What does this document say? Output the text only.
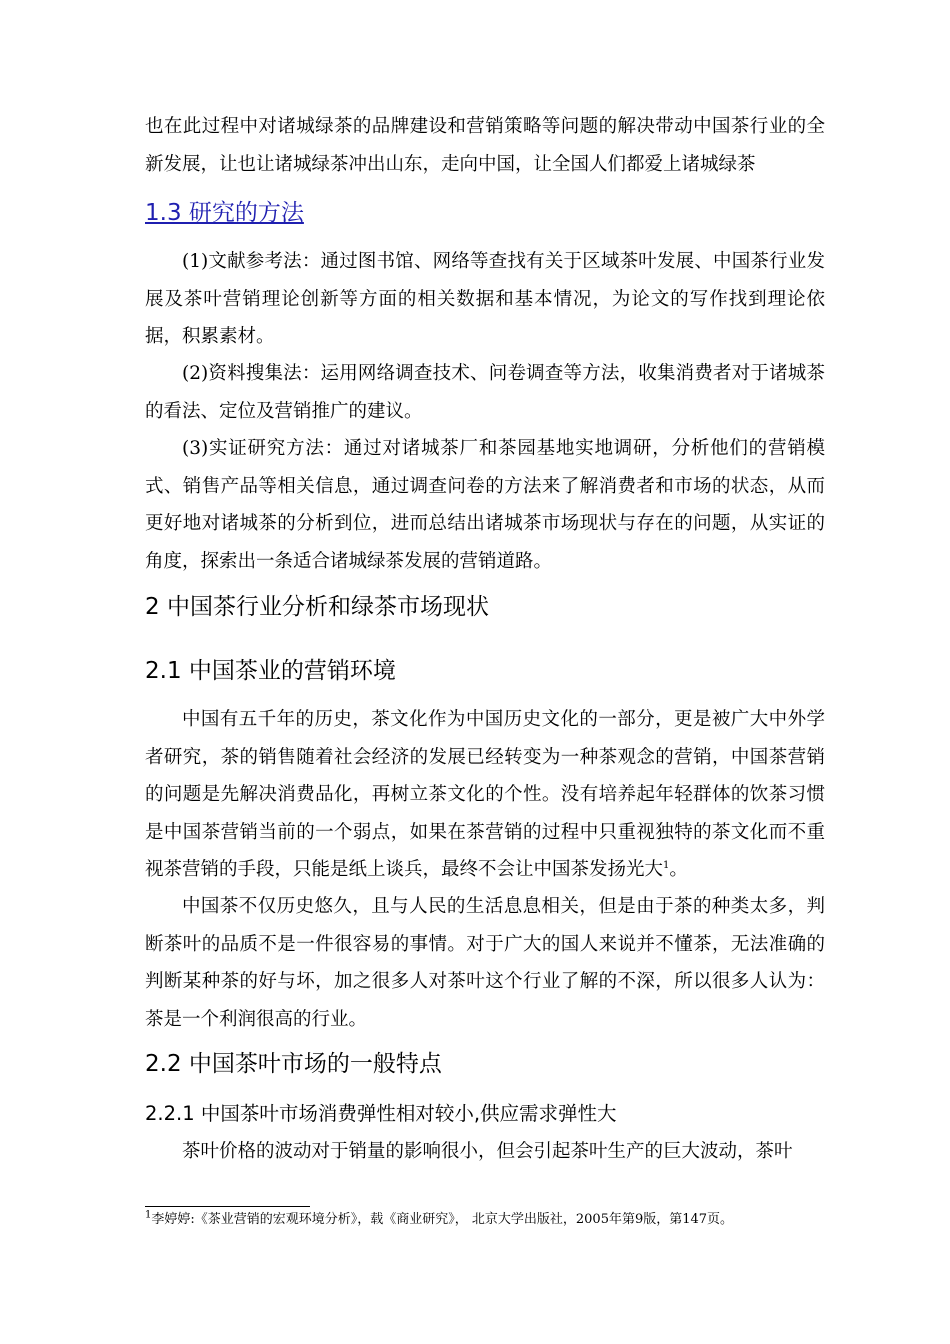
也在此过程中对诸城绿茶的品牌建设和营销策略等问题的解决带动中国茶行业的全新发展，让也让诸城绿茶冲出山东，走向中国，让全国人们都爱上诸城绿茶

1.3 研究的方法

(1)文献参考法：通过图书馆、网络等查找有关于区域茶叶发展、中国茶行业发展及茶叶营销理论创新等方面的相关数据和基本情况，为论文的写作找到理论依据，积累素材。

(2)资料搜集法：运用网络调查技术、问卷调查等方法，收集消费者对于诸城茶的看法、定位及营销推广的建议。

(3)实证研究方法：通过对诸城茶厂和茶园基地实地调研，分析他们的营销模式、销售产品等相关信息，通过调查问卷的方法来了解消费者和市场的状态，从而更好地对诸城茶的分析到位，进而总结出诸城茶市场现状与存在的问题，从实证的角度，探索出一条适合诸城绿茶发展的营销道路。

2 中国茶行业分析和绿茶市场现状
2.1 中国茶业的营销环境

中国有五千年的历史，茶文化作为中国历史文化的一部分，更是被广大中外学者研究，茶的销售随着社会经济的发展已经转变为一种茶观念的营销，中国茶营销的问题是先解决消费品化，再树立茶文化的个性。没有培养起年轻群体的饮茶习惯是中国茶营销当前的一个弱点，如果在茶营销的过程中只重视独特的茶文化而不重视茶营销的手段，只能是纸上谈兵，最终不会让中国茶发扬光大$^1$。

中国茶不仅历史悠久，且与人民的生活息息相关，但是由于茶的种类太多，判断茶叶的品质不是一件很容易的事情。对于广大的国人来说并不懂茶，无法准确的判断某种茶的好与坏，加之很多人对茶叶这个行业了解的不深，所以很多人认为：茶是一个利润很高的行业。

2.2 中国茶叶市场的一般特点
2.2.1 中国茶叶市场消费弹性相对较小,供应需求弹性大

茶叶价格的波动对于销量的影响很小，但会引起茶叶生产的巨大波动，茶叶

$^1$李婷婷:《茶业营销的宏观环境分析》，载《商业研究》， 北京大学出版社，2005年第9版，第147页。
